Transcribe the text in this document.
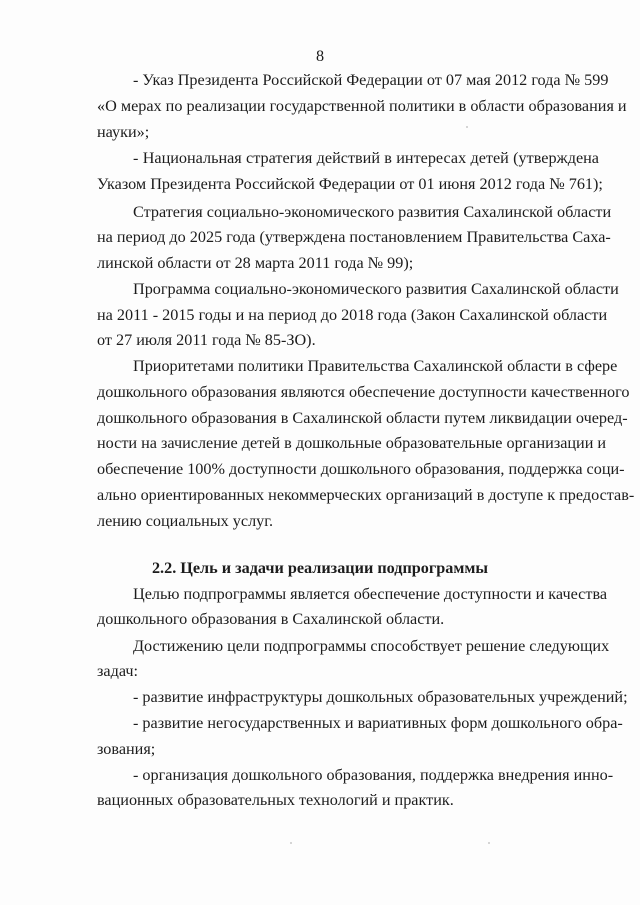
8
- Указ Президента Российской Федерации от 07 мая 2012 года № 599
«О мерах по реализации государственной политики в области образования и
науки»;
- Национальная стратегия действий в интересах детей (утверждена
Указом Президента Российской Федерации от 01 июня 2012 года № 761);
Стратегия социально-экономического развития Сахалинской области
на период до 2025 года (утверждена постановлением Правительства Саха-
линской области от 28 марта 2011 года № 99);
Программа социально-экономического развития Сахалинской области
на 2011 - 2015 годы и на период до 2018 года (Закон Сахалинской области
от 27 июля 2011 года № 85-ЗО).
Приоритетами политики Правительства Сахалинской области в сфере
дошкольного образования являются обеспечение доступности качественного
дошкольного образования в Сахалинской области путем ликвидации очеред-
ности на зачисление детей в дошкольные образовательные организации и
обеспечение 100% доступности дошкольного образования, поддержка соци-
ально ориентированных некоммерческих организаций в доступе к предостав-
лению социальных услуг.
2.2. Цель и задачи реализации подпрограммы
Целью подпрограммы является обеспечение доступности и качества
дошкольного образования в Сахалинской области.
Достижению цели подпрограммы способствует решение следующих
задач:
- развитие инфраструктуры дошкольных образовательных учреждений;
- развитие негосударственных и вариативных форм дошкольного обра-
зования;
- организация дошкольного образования, поддержка внедрения инно-
вационных образовательных технологий и практик.
